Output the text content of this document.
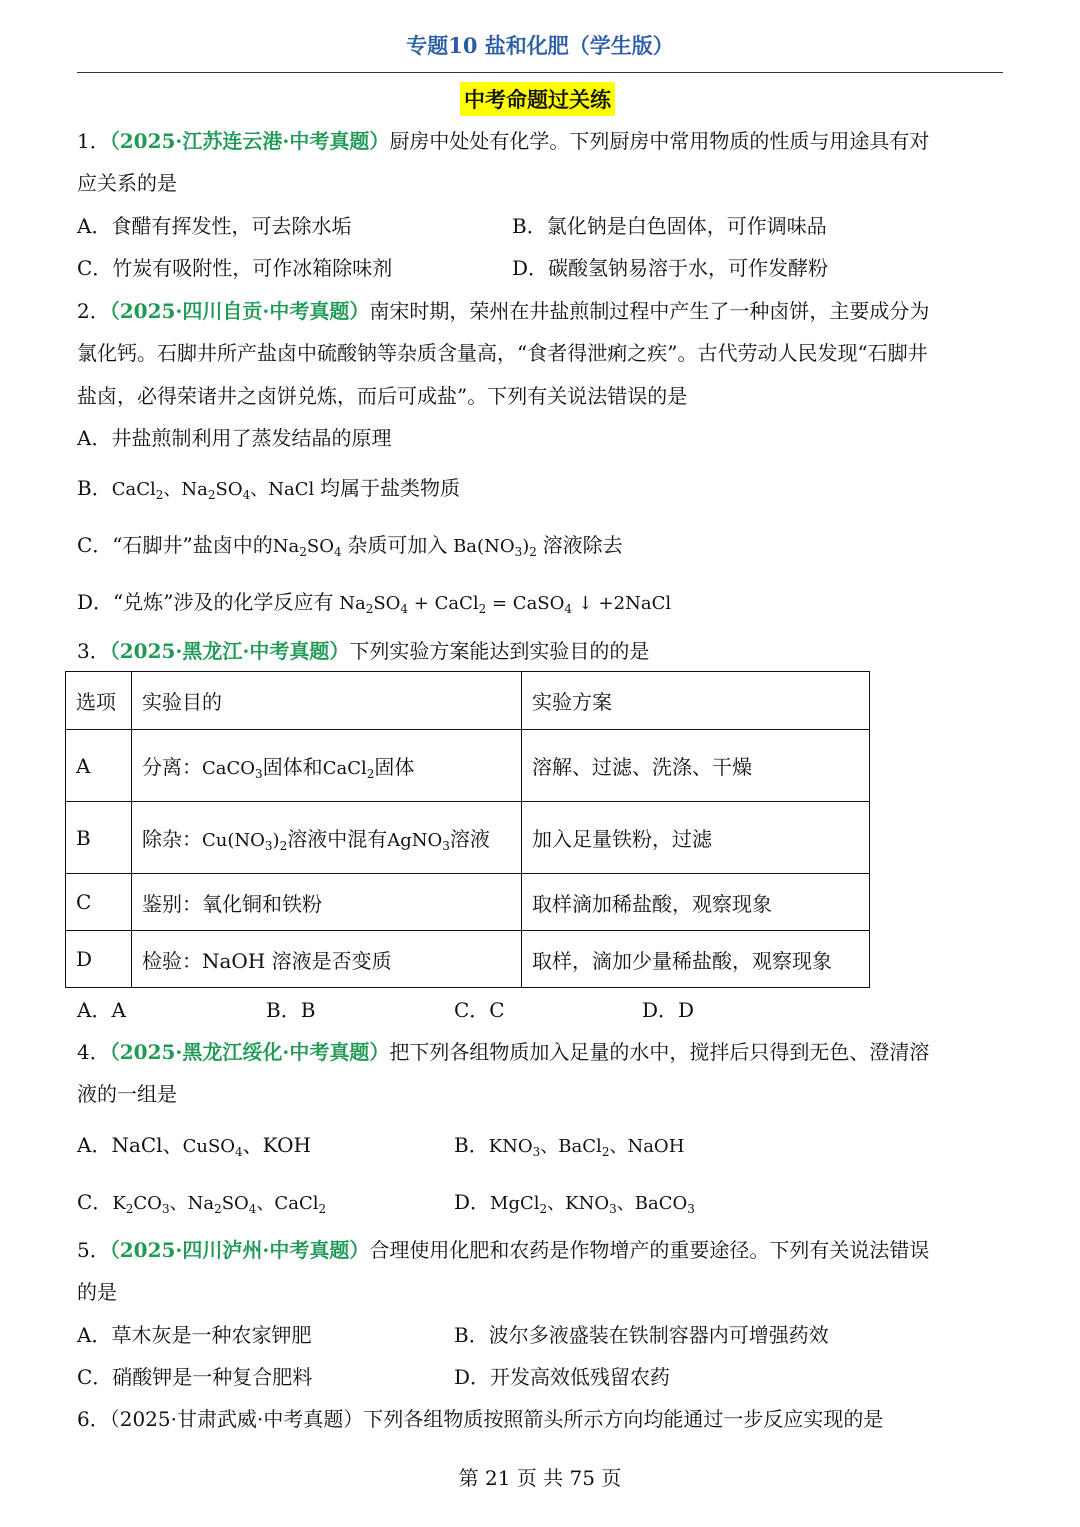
专题10 盐和化肥（学生版）
中考命题过关练
1．（2025·江苏连云港·中考真题）厨房中处处有化学。下列厨房中常用物质的性质与用途具有对
应关系的是
A．食醋有挥发性，可去除水垢	B．氯化钠是白色固体，可作调味品
C．竹炭有吸附性，可作冰箱除味剂	D．碳酸氢钠易溶于水，可作发酵粉
2．（2025·四川自贡·中考真题）南宋时期，荣州在井盐煎制过程中产生了一种卤饼，主要成分为
氯化钙。石脚井所产盐卤中硫酸钠等杂质含量高，“食者得泄痢之疾”。古代劳动人民发现“石脚井
盐卤，必得荣诸井之卤饼兑炼，而后可成盐”。下列有关说法错误的是
A．井盐煎制利用了蒸发结晶的原理
B．CaCl$_2$、$Na_2SO_4$、NaCl 均属于盐类物质
C．“石脚井”盐卤中的$Na_2SO_4$ 杂质可加入 $Ba(NO_3)_2$ 溶液除去
D．“兑炼”涉及的化学反应有 $Na_2SO_4$ + CaCl$_2$ = CaSO$_4$ ↓ +2NaCl
3．（2025·黑龙江·中考真题）下列实验方案能达到实验目的的是
选项	实验目的	实验方案
A	分离：CaCO$_3$固体和CaCl$_2$固体	溶解、过滤、洗涤、干燥
B	除杂：$Cu(NO_3)_2$溶液中混有AgNO$_3$溶液	加入足量铁粉，过滤
C	鉴别：氧化铜和铁粉	取样滴加稀盐酸，观察现象
D	检验：NaOH 溶液是否变质	取样，滴加少量稀盐酸，观察现象
A．A	B．B	C．C	D．D
4．（2025·黑龙江绥化·中考真题）把下列各组物质加入足量的水中，搅拌后只得到无色、澄清溶
液的一组是
A．NaCl、CuSO$_4$、KOH	B．$KNO_3$、BaCl$_2$、NaOH
C．$K_2CO_3$、$Na_2SO_4$、CaCl$_2$	D．MgCl$_2$、$KNO_3$、BaCO$_3$
5．（2025·四川泸州·中考真题）合理使用化肥和农药是作物增产的重要途径。下列有关说法错误
的是
A．草木灰是一种农家钾肥	B．波尔多液盛装在铁制容器内可增强药效
C．硝酸钾是一种复合肥料	D．开发高效低残留农药
6．（2025·甘肃武威·中考真题）下列各组物质按照箭头所示方向均能通过一步反应实现的是
第 21 页 共 75 页
